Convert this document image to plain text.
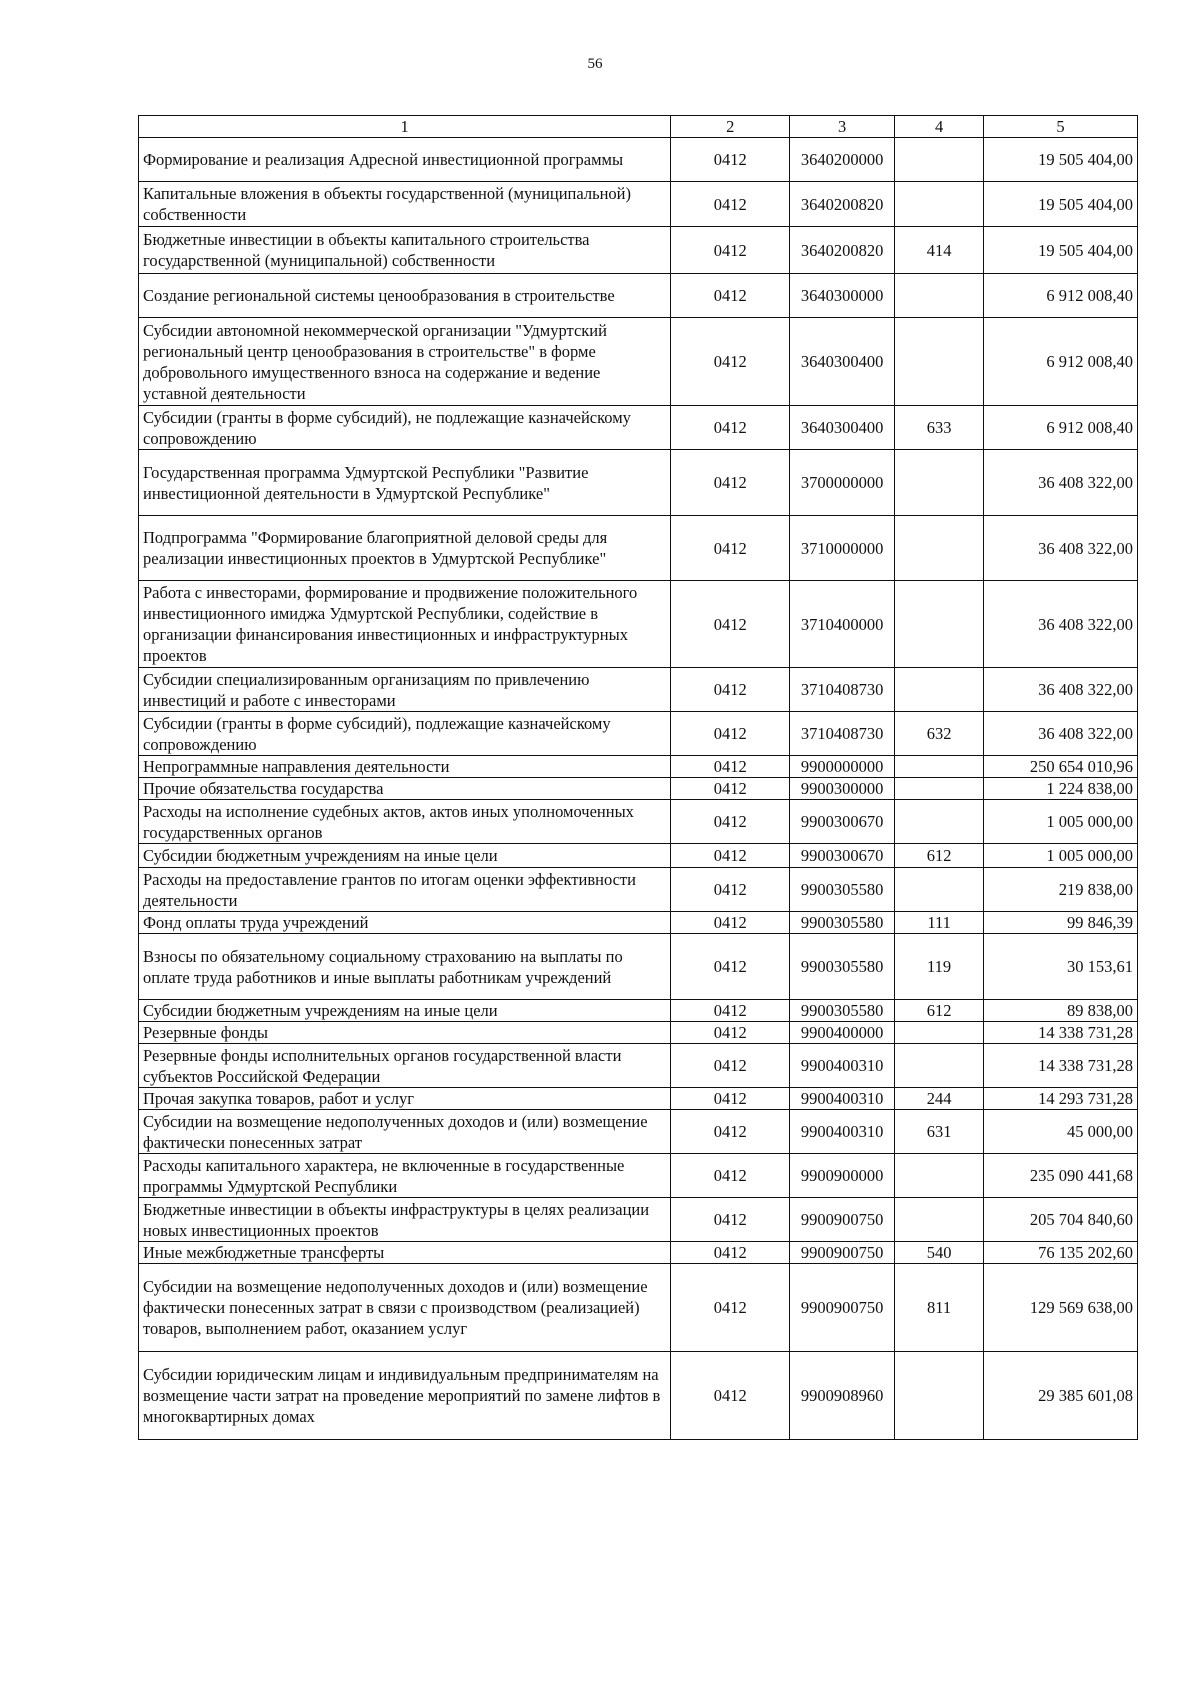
56
1	2	3	4	5
Формирование и реализация Адресной инвестиционной программы	0412	3640200000		19 505 404,00
Капитальные вложения в объекты государственной (муниципальной) собственности	0412	3640200820		19 505 404,00
Бюджетные инвестиции в объекты капитального строительства государственной (муниципальной) собственности	0412	3640200820	414	19 505 404,00
Создание региональной системы ценообразования в строительстве	0412	3640300000		6 912 008,40
Субсидии автономной некоммерческой организации "Удмуртский региональный центр ценообразования в строительстве" в форме добровольного имущественного взноса на содержание и ведение уставной деятельности	0412	3640300400		6 912 008,40
Субсидии (гранты в форме субсидий), не подлежащие казначейскому сопровождению	0412	3640300400	633	6 912 008,40
Государственная программа Удмуртской Республики "Развитие инвестиционной деятельности в Удмуртской Республике"	0412	3700000000		36 408 322,00
Подпрограмма "Формирование благоприятной деловой среды для реализации инвестиционных проектов в Удмуртской Республике"	0412	3710000000		36 408 322,00
Работа с инвесторами, формирование и продвижение положительного инвестиционного имиджа Удмуртской Республики, содействие в организации финансирования инвестиционных и инфраструктурных проектов	0412	3710400000		36 408 322,00
Субсидии специализированным организациям по привлечению инвестиций и работе с инвесторами	0412	3710408730		36 408 322,00
Субсидии (гранты в форме субсидий), подлежащие казначейскому сопровождению	0412	3710408730	632	36 408 322,00
Непрограммные направления деятельности	0412	9900000000		250 654 010,96
Прочие обязательства государства	0412	9900300000		1 224 838,00
Расходы на исполнение судебных актов, актов иных уполномоченных государственных органов	0412	9900300670		1 005 000,00
Субсидии бюджетным учреждениям на иные цели	0412	9900300670	612	1 005 000,00
Расходы на предоставление грантов по итогам оценки эффективности деятельности	0412	9900305580		219 838,00
Фонд оплаты труда учреждений	0412	9900305580	111	99 846,39
Взносы по обязательному социальному страхованию на выплаты по оплате труда работников и иные выплаты работникам учреждений	0412	9900305580	119	30 153,61
Субсидии бюджетным учреждениям на иные цели	0412	9900305580	612	89 838,00
Резервные фонды	0412	9900400000		14 338 731,28
Резервные фонды исполнительных органов государственной власти субъектов Российской Федерации	0412	9900400310		14 338 731,28
Прочая закупка товаров, работ и услуг	0412	9900400310	244	14 293 731,28
Субсидии на возмещение недополученных доходов и (или) возмещение фактически понесенных затрат	0412	9900400310	631	45 000,00
Расходы капитального характера, не включенные в государственные программы Удмуртской Республики	0412	9900900000		235 090 441,68
Бюджетные инвестиции в объекты инфраструктуры в целях реализации новых инвестиционных проектов	0412	9900900750		205 704 840,60
Иные межбюджетные трансферты	0412	9900900750	540	76 135 202,60
Субсидии на возмещение недополученных доходов и (или) возмещение фактически понесенных затрат в связи с производством (реализацией) товаров, выполнением работ, оказанием услуг	0412	9900900750	811	129 569 638,00
Субсидии юридическим лицам и индивидуальным предпринимателям на возмещение части затрат на проведение мероприятий по замене лифтов в многоквартирных домах	0412	9900908960		29 385 601,08
